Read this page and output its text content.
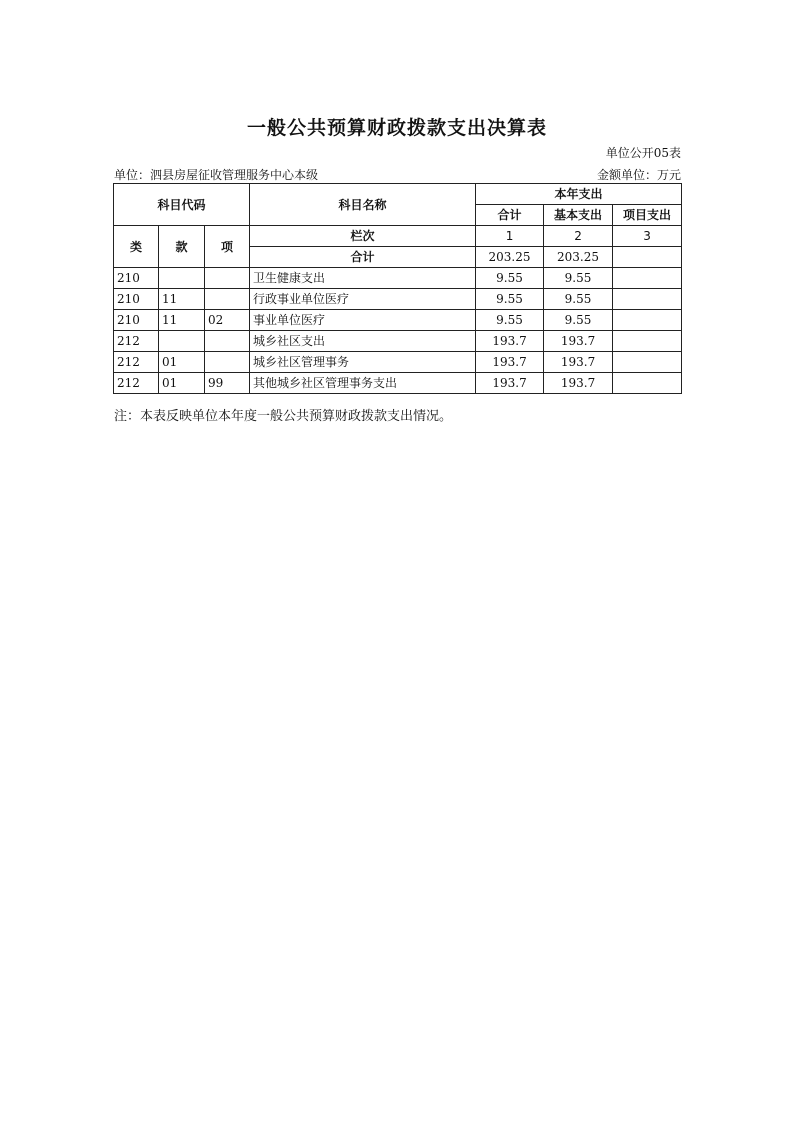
一般公共预算财政拨款支出决算表
单位公开05表
单位：泗县房屋征收管理服务中心本级	金额单位：万元
科目代码			科目名称	本年支出		
				合计	基本支出	项目支出
类	款	项	栏次	1	2	3
			合计	203.25	203.25	
210			卫生健康支出	9.55	9.55	
210	11		行政事业单位医疗	9.55	9.55	
210	11	02	事业单位医疗	9.55	9.55	
212			城乡社区支出	193.7	193.7	
212	01		城乡社区管理事务	193.7	193.7	
212	01	99	其他城乡社区管理事务支出	193.7	193.7	
注：本表反映单位本年度一般公共预算财政拨款支出情况。
